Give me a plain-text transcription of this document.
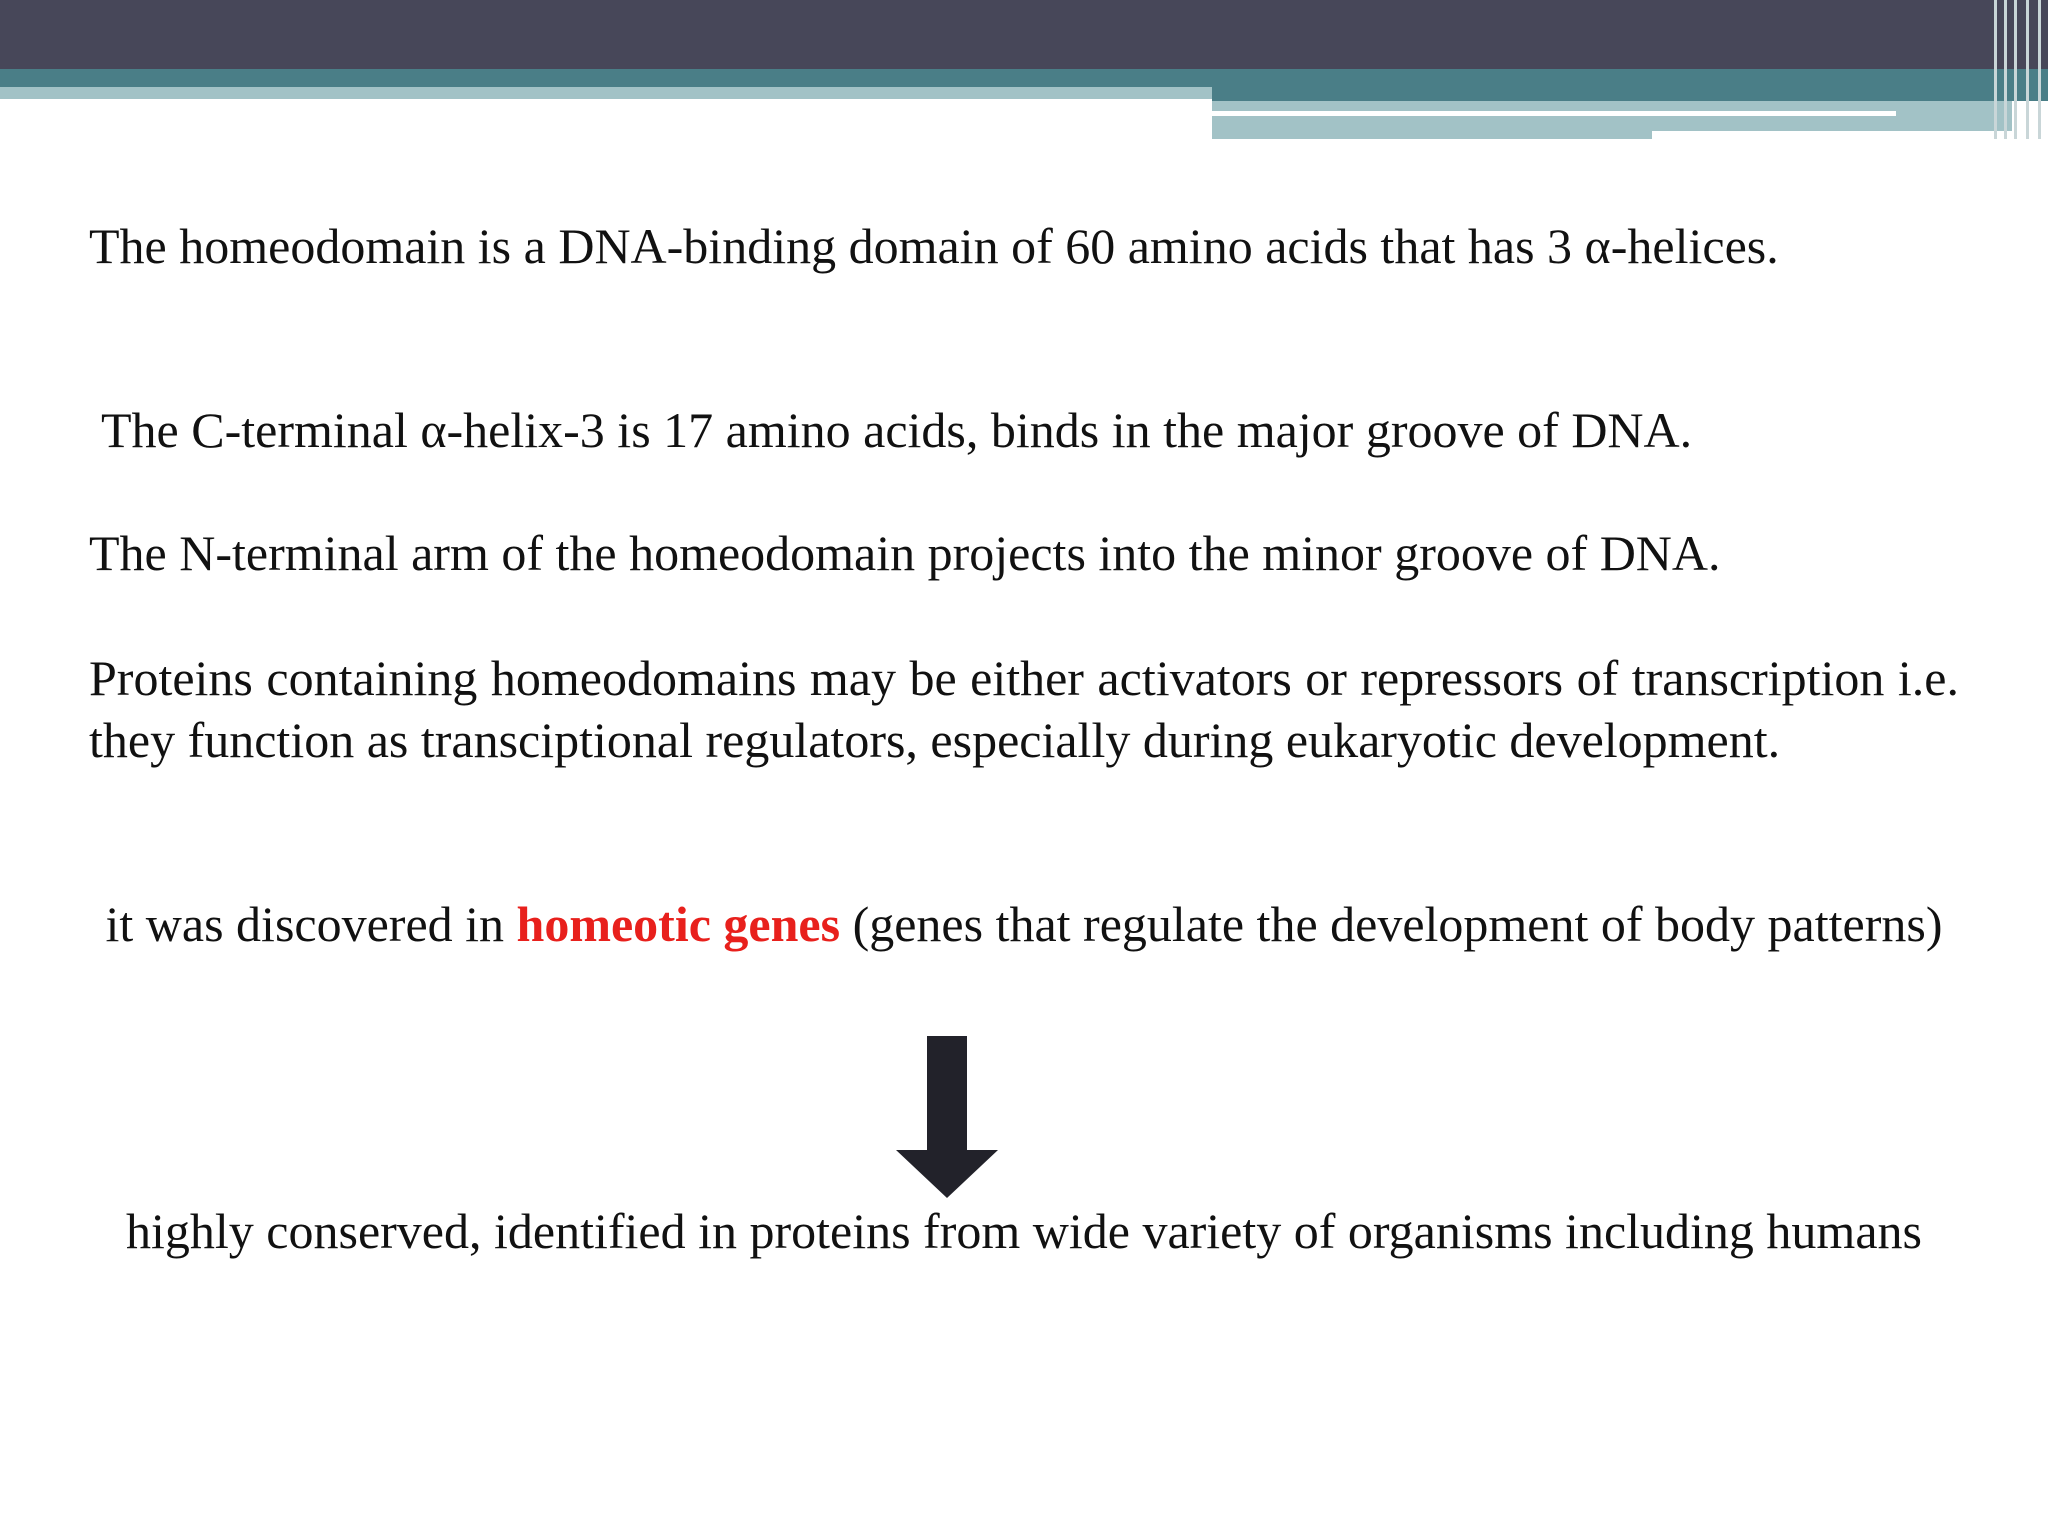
The homeodomain is a DNA-binding domain of 60 amino acids that has 3 α-helices.

The C-terminal α-helix-3 is 17 amino acids, binds in the major groove of DNA.

The N-terminal arm of the homeodomain projects into the minor groove of DNA.

Proteins containing homeodomains may be either activators or repressors of transcription i.e. they function as transciptional regulators, especially during eukaryotic development.

it was discovered in homeotic genes (genes that regulate the development of body patterns)

highly conserved, identified in proteins from wide variety of organisms including humans
